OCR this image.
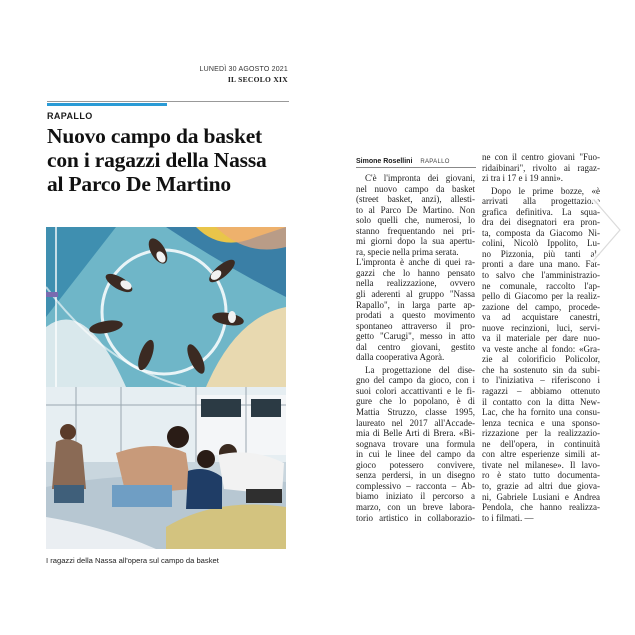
LUNEDÌ 30 AGOSTO 2021
IL SECOLO XIX
RAPALLO
Nuovo campo da basket
con i ragazzi della Nassa
al Parco De Martino
I ragazzi della Nassa all'opera sul campo da basket
Simone Rosellini RAPALLO
C'è l'impronta dei giovani,
nel nuovo campo da basket
(street basket, anzi), allesti-
to al Parco De Martino. Non
solo quelli che, numerosi, lo
stanno frequentando nei pri-
mi giorni dopo la sua apertu-
ra, specie nella prima serata.
L'impronta è anche di quei ra-
gazzi che lo hanno pensato
nella realizzazione, ovvero
gli aderenti al gruppo "Nassa
Rapallo", in larga parte ap-
prodati a questo movimento
spontaneo attraverso il pro-
getto "Carugi", messo in atto
dal centro giovani, gestito
dalla cooperativa Agorà.
La progettazione del dise-
gno del campo da gioco, con i
suoi colori accattivanti e le fi-
gure che lo popolano, è di
Mattia Struzzo, classe 1995,
laureato nel 2017 all'Accade-
mia di Belle Arti di Brera. «Bi-
sognava trovare una formula
in cui le linee del campo da
gioco potessero convivere,
senza perdersi, in un disegno
complessivo – racconta – Ab-
biamo iniziato il percorso a
marzo, con un breve labora-
torio artistico in collaborazio-
ne con il centro giovani "Fuo-
ridaibinari", rivolto ai ragaz-
zi tra i 17 e i 19 anni».
Dopo le prime bozze, «è
arrivati alla progettazione
grafica definitiva. La squa-
dra dei disegnatori era pron-
ta, composta da Giacomo Ni-
colini, Nicolò Ippolito, Lu-
no Pizzonia, più tanti al-
pronti a dare una mano. Fat-
to salvo che l'amministrazio-
ne comunale, raccolto l'ap-
pello di Giacomo per la realiz-
zazione del campo, procede-
va ad acquistare canestri,
nuove recinzioni, luci, servi-
va il materiale per dare nuo-
va veste anche al fondo: «Gra-
zie al colorificio Policolor,
che ha sostenuto sin da subi-
to l'iniziativa – riferiscono i
ragazzi – abbiamo ottenuto
il contatto con la ditta New-
Lac, che ha fornito una consu-
lenza tecnica e una sponso-
rizzazione per la realizzazio-
ne dell'opera, in continuità
con altre esperienze simili at-
tivate nel milanese». Il lavo-
ro è stato tutto documenta-
to, grazie ad altri due giova-
ni, Gabriele Lusiani e Andrea
Pendola, che hanno realizza-
to i filmati. —
